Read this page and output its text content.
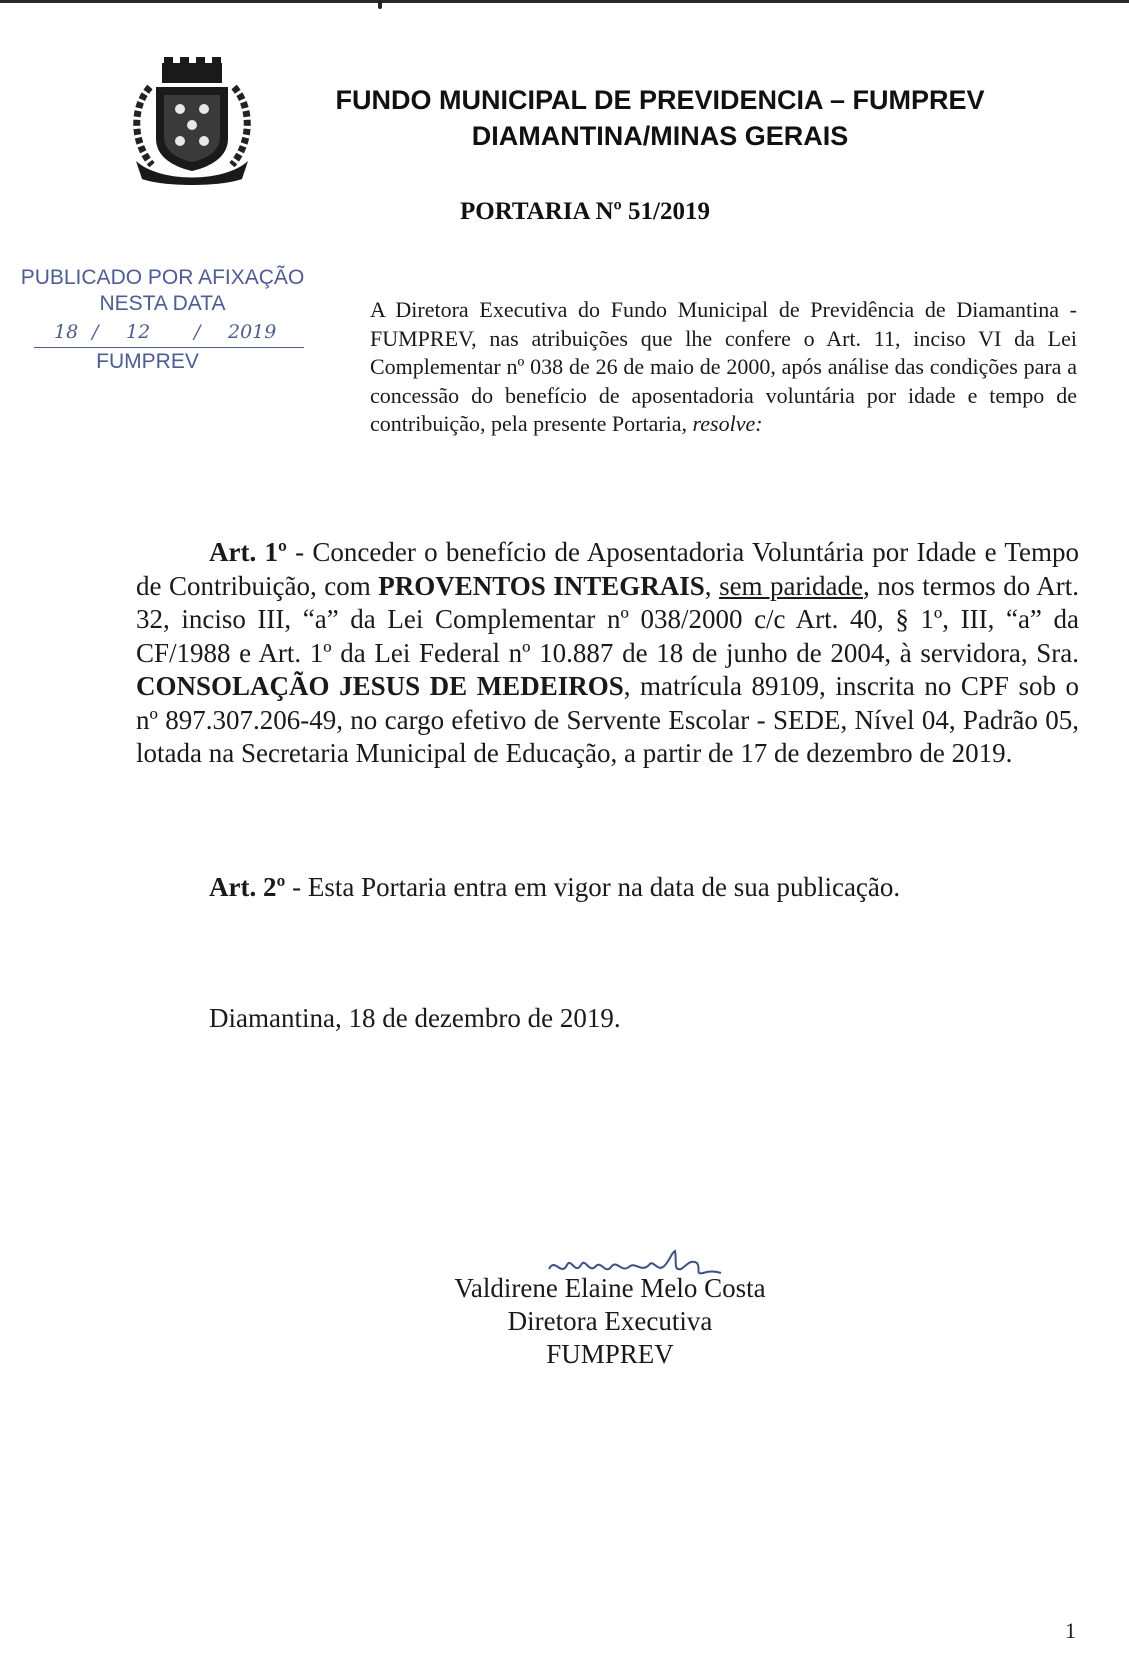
FUNDO MUNICIPAL DE PREVIDENCIA – FUMPREV
DIAMANTINA/MINAS GERAIS
PORTARIA Nº 51/2019
PUBLICADO POR AFIXAÇÃO
NESTA DATA
18 / 12 / 2019
FUMPREV
A Diretora Executiva do Fundo Municipal de Previdência de Diamantina - FUMPREV, nas atribuições que lhe confere o Art. 11, inciso VI da Lei Complementar nº 038 de 26 de maio de 2000, após análise das condições para a concessão do benefício de aposentadoria voluntária por idade e tempo de contribuição, pela presente Portaria, resolve:
Art. 1º - Conceder o benefício de Aposentadoria Voluntária por Idade e Tempo de Contribuição, com PROVENTOS INTEGRAIS, sem paridade, nos termos do Art. 32, inciso III, “a” da Lei Complementar nº 038/2000 c/c Art. 40, § 1º, III, “a” da CF/1988 e Art. 1º da Lei Federal nº 10.887 de 18 de junho de 2004, à servidora, Sra. CONSOLAÇÃO JESUS DE MEDEIROS, matrícula 89109, inscrita no CPF sob o nº 897.307.206-49, no cargo efetivo de Servente Escolar - SEDE, Nível 04, Padrão 05, lotada na Secretaria Municipal de Educação, a partir de 17 de dezembro de 2019.
Art. 2º - Esta Portaria entra em vigor na data de sua publicação.
Diamantina, 18 de dezembro de 2019.
Valdirene Elaine Melo Costa
Diretora Executiva
FUMPREV
1
